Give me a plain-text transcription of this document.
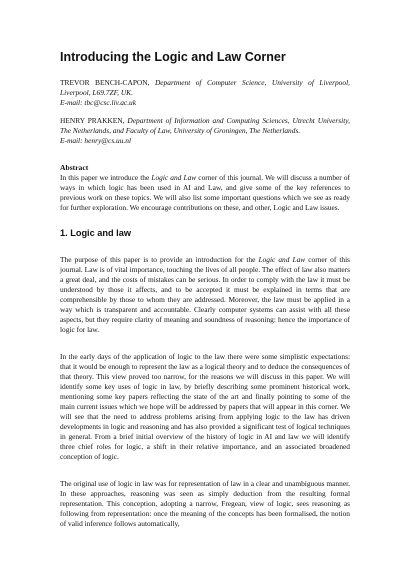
Introducing the Logic and Law Corner

TREVOR BENCH-CAPON, Department of Computer Science, University of Liverpool, Liverpool, L69.7ZF, UK.
E-mail: tbc@csc.liv.ac.uk

HENRY PRAKKEN, Department of Information and Computing Sciences, Utrecht University, The Netherlands, and Faculty of Law, University of Groningen, The Netherlands.
E-mail: henry@cs.uu.nl

Abstract

In this paper we introduce the Logic and Law corner of this journal. We will discuss a number of ways in which logic has been used in AI and Law, and give some of the key references to previous work on these topics. We will also list some important questions which we see as ready for further exploration. We encourage contributions on these, and other, Logic and Law issues.

1. Logic and law

The purpose of this paper is to provide an introduction for the Logic and Law corner of this journal. Law is of vital importance, touching the lives of all people. The effect of law also matters a great deal, and the costs of mistakes can be serious. In order to comply with the law it must be understood by those it affects, and to be accepted it must be explained in terms that are comprehensible by those to whom they are addressed. Moreover, the law must be applied in a way which is transparent and accountable. Clearly computer systems can assist with all these aspects, but they require clarity of meaning and soundness of reasoning: hence the importance of logic for law.

In the early days of the application of logic to the law there were some simplistic expectations: that it would be enough to represent the law as a logical theory and to deduce the consequences of that theory. This view proved too narrow, for the reasons we will discuss in this paper. We will identify some key uses of logic in law, by briefly describing some prominent historical work, mentioning some key papers reflecting the state of the art and finally pointing to some of the main current issues which we hope will be addressed by papers that will appear in this corner. We will see that the need to address problems arising from applying logic to the law has driven developments in logic and reasoning and has also provided a significant test of logical techniques in general. From a brief initial overview of the history of logic in AI and law we will identify three chief roles for logic, a shift in their relative importance, and an associated broadened conception of logic.

The original use of logic in law was for representation of law in a clear and unambiguous manner. In these approaches, reasoning was seen as simply deduction from the resulting formal representation. This conception, adopting a narrow, Fregean, view of logic, sees reasoning as following from representation: once the meaning of the concepts has been formalised, the notion of valid inference follows automatically,
